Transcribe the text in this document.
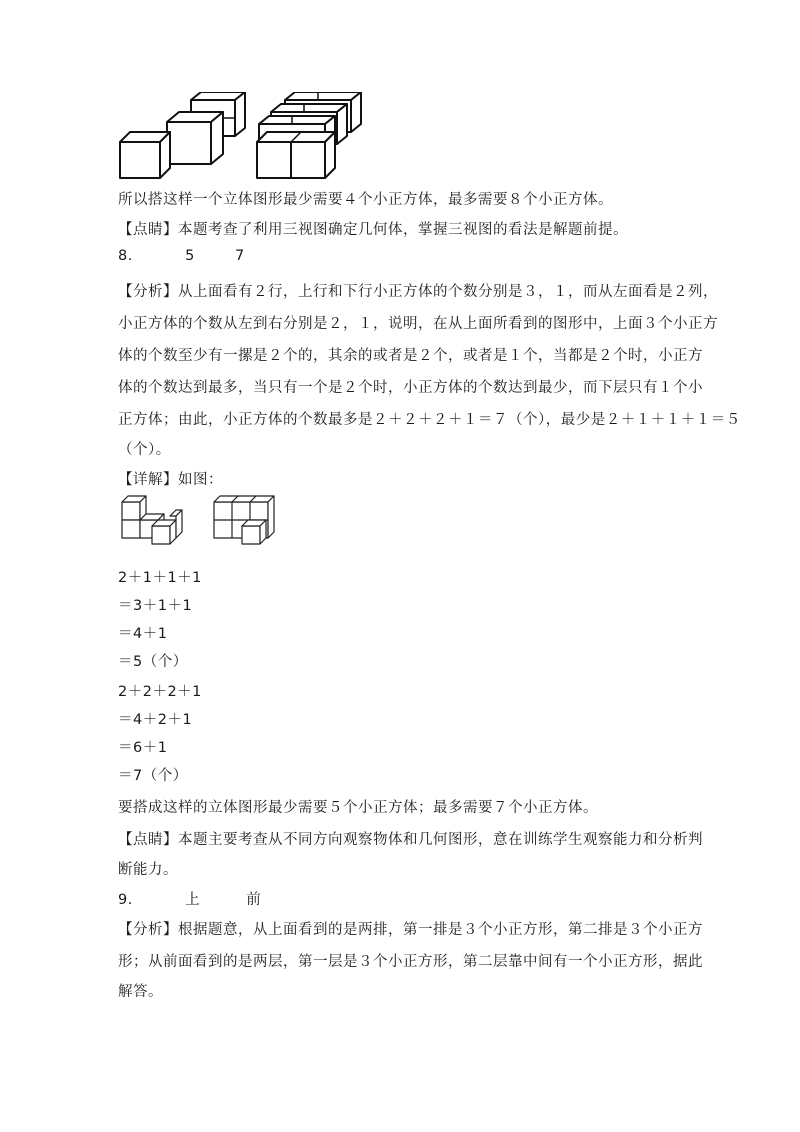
所以搭这样一个立体图形最少需要４个小正方体，最多需要８个小正方体。
【点睛】本题考查了利用三视图确定几何体，掌握三视图的看法是解题前提。
8.	5	7
【分析】从上面看有２行，上行和下行小正方体的个数分别是３，１，而从左面看是２列，
小正方体的个数从左到右分别是２，１，说明，在从上面所看到的图形中，上面３个小正方
体的个数至少有一摞是２个的，其余的或者是２个，或者是１个，当都是２个时，小正方
体的个数达到最多，当只有一个是２个时，小正方体的个数达到最少，而下层只有１个小
正方体；由此，小正方体的个数最多是２＋２＋２＋１＝７（个），最少是２＋１＋１＋１＝５
（个）。
【详解】如图：
2＋1＋1＋1
＝3＋1＋1
＝4＋1
＝5（个）
2＋2＋2＋1
＝4＋2＋1
＝6＋1
＝7（个）
要搭成这样的立体图形最少需要５个小正方体；最多需要７个小正方体。
【点睛】本题主要考查从不同方向观察物体和几何图形，意在训练学生观察能力和分析判
断能力。
9.	上	前
【分析】根据题意，从上面看到的是两排，第一排是３个小正方形，第二排是３个小正方
形；从前面看到的是两层，第一层是３个小正方形，第二层靠中间有一个小正方形，据此
解答。
